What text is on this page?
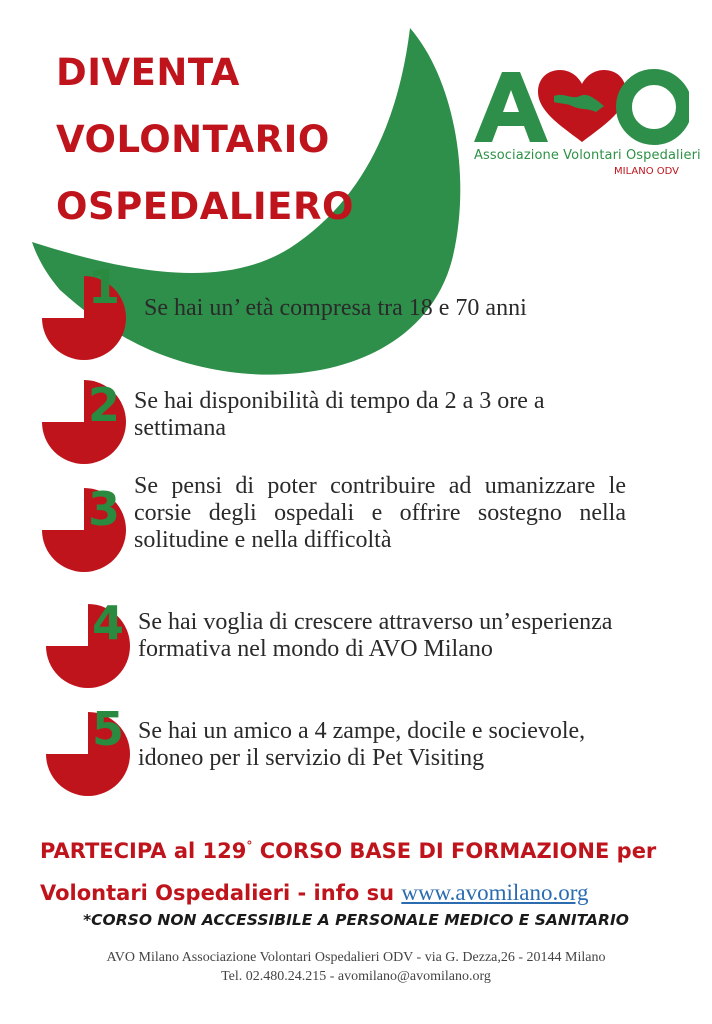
DIVENTA
VOLONTARIO
OSPEDALIERO
Associazione Volontari Ospedalieri
MILANO ODV
1 Se hai un’ età compresa tra 18 e 70 anni
2 Se hai disponibilità di tempo da 2 a 3 ore a settimana
3 Se pensi di poter contribuire ad umanizzare le corsie degli ospedali e offrire sostegno nella solitudine e nella difficoltà
4 Se hai voglia di crescere attraverso un’esperienza formativa nel mondo di AVO Milano
5 Se hai un amico a 4 zampe, docile e socievole, idoneo per il servizio di Pet Visiting
PARTECIPA al 129° CORSO BASE DI FORMAZIONE per
Volontari Ospedalieri - info su www.avomilano.org
*CORSO NON ACCESSIBILE A PERSONALE MEDICO E SANITARIO
AVO Milano Associazione Volontari Ospedalieri ODV - via G. Dezza,26 - 20144 Milano
Tel. 02.480.24.215 - avomilano@avomilano.org
